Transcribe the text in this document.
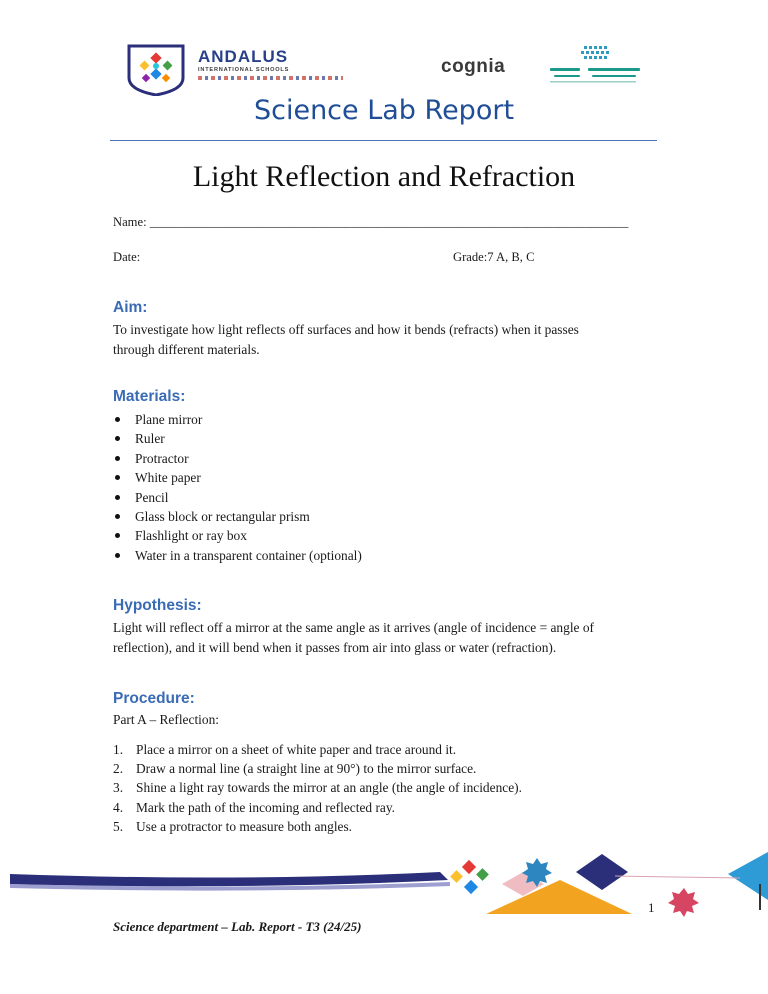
ANDALUS
INTERNATIONAL SCHOOLS	cognia
Science Lab Report
Light Reflection and Refraction
Name: ____________________________________________________________________________
Date:	Grade:7 A, B, C
Aim:
To investigate how light reflects off surfaces and how it bends (refracts) when it passes
through different materials.
Materials:
Plane mirror
Ruler
Protractor
White paper
Pencil
Glass block or rectangular prism
Flashlight or ray box
Water in a transparent container (optional)
Hypothesis:
Light will reflect off a mirror at the same angle as it arrives (angle of incidence = angle of
reflection), and it will bend when it passes from air into glass or water (refraction).
Procedure:
Part A – Reflection:
1. Place a mirror on a sheet of white paper and trace around it.
2. Draw a normal line (a straight line at 90°) to the mirror surface.
3. Shine a light ray towards the mirror at an angle (the angle of incidence).
4. Mark the path of the incoming and reflected ray.
5. Use a protractor to measure both angles.
1
Science department – Lab. Report - T3 (24/25)
